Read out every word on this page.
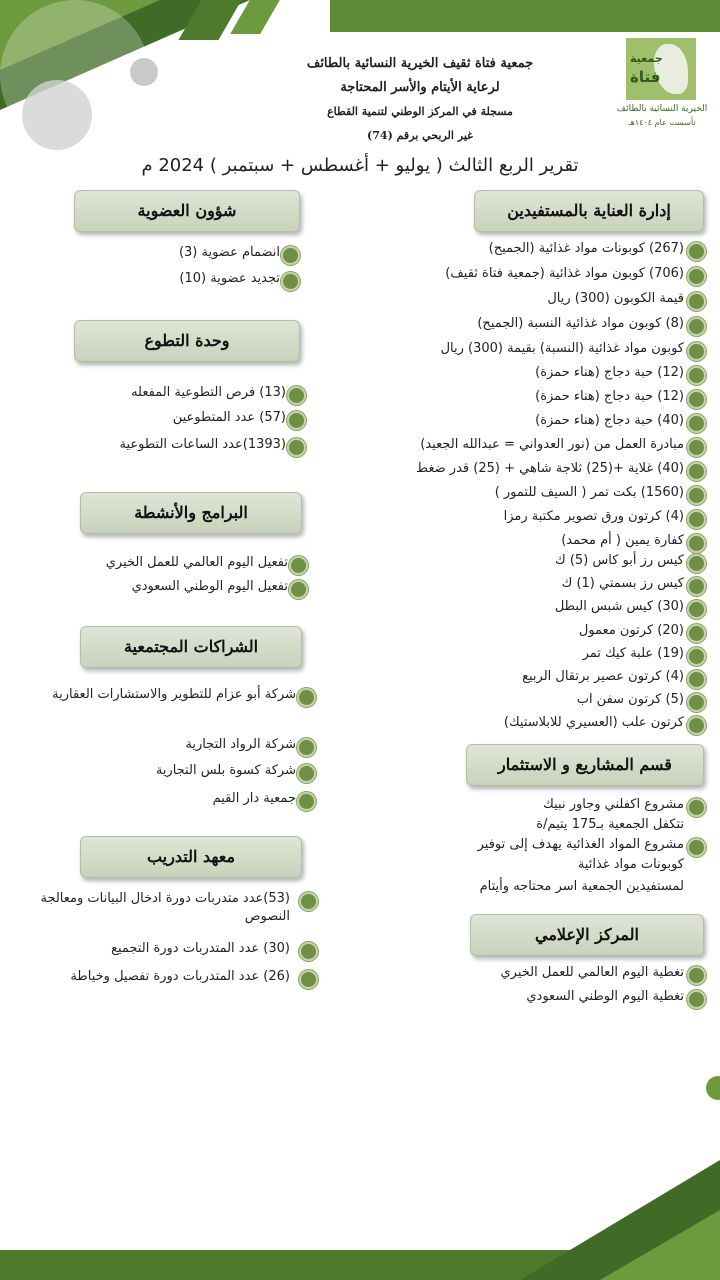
جمعية
فتاة
الخيرية النسائية بالطائف
تأسست عام ١٤٠٤هـ
جمعية فتاة ثقيف الخيرية النسائية بالطائف
لرعاية الأيتام والأسر المحتاجة
مسجلة في المركز الوطني لتنمية القطاع
غير الربحي برقم (74)
تقرير الربع الثالث ( يوليو + أغسطس + سبتمبر ) 2024 م
إدارة العناية بالمستفيدين
(267) كوبونات مواد غذائية (الجميح)
(706) كوبون مواد غذائية (جمعية فتاة ثقيف)
قيمة الكوبون (300) ريال
(8) كوبون مواد غذائية النسبة (الجميح)
كوبون مواد غذائية (النسبة) بقيمة (300) ريال
(12) حبة دجاج (هناء حمزة)
(12) حبة دجاج (هناء حمزة)
(40) حبة دجاج (هناء حمزة)
مبادرة العمل من (نور العدواني = عبدالله الجعيد)
(40) غلاية +(25) ثلاجة شاهي + (25) قدر ضغط
(1560) بكت تمر ( السيف للتمور )
(4) كرتون ورق تصوير مكتبة رمزا
كفارة يمين ( أم محمد)
كيس رز أبو كاس (5) ك
كيس رز بسمتي (1) ك
(30) كيس شبس البطل
(20) كرتون معمول
(19) علبة كيك تمر
(4) كرتون عصير برتقال الربيع
(5) كرتون سفن اب
كرتون علب (العسيري للابلاستيك)
قسم المشاريع و الاستثمار
مشروع اكفلني وجاور نبيك
تتكفل الجمعية بـ175 يتيم/ة
مشروع المواد الغذائية يهدف إلى توفير
كوبونات مواد غذائية
لمستفيدين الجمعية اسر محتاجه وأيتام
المركز الإعلامي
تغطية اليوم العالمي للعمل الخيري
تغطية اليوم الوطني السعودي
شؤون العضوية
انضمام عضوية (3)
تجديد عضوية (10)
وحدة التطوع
(13) فرص التطوعية المفعله
(57) عدد المتطوعين
(1393)عدد الساعات التطوعية
البرامج والأنشطة
تفعيل اليوم العالمي للعمل الخيري
تفعيل اليوم الوطني السعودي
الشراكات المجتمعية
شركة أبو عزام للتطوير والاستشارات العقارية
شركة الرواد التجارية
شركة كسوة بلس التجارية
جمعية دار القيم
معهد التدريب
(53)عدد متدربات دورة ادخال البيانات ومعالجة النصوص
(30) عدد المتدربات دورة التجميع
(26) عدد المتدربات دورة تفصيل وخياطة
